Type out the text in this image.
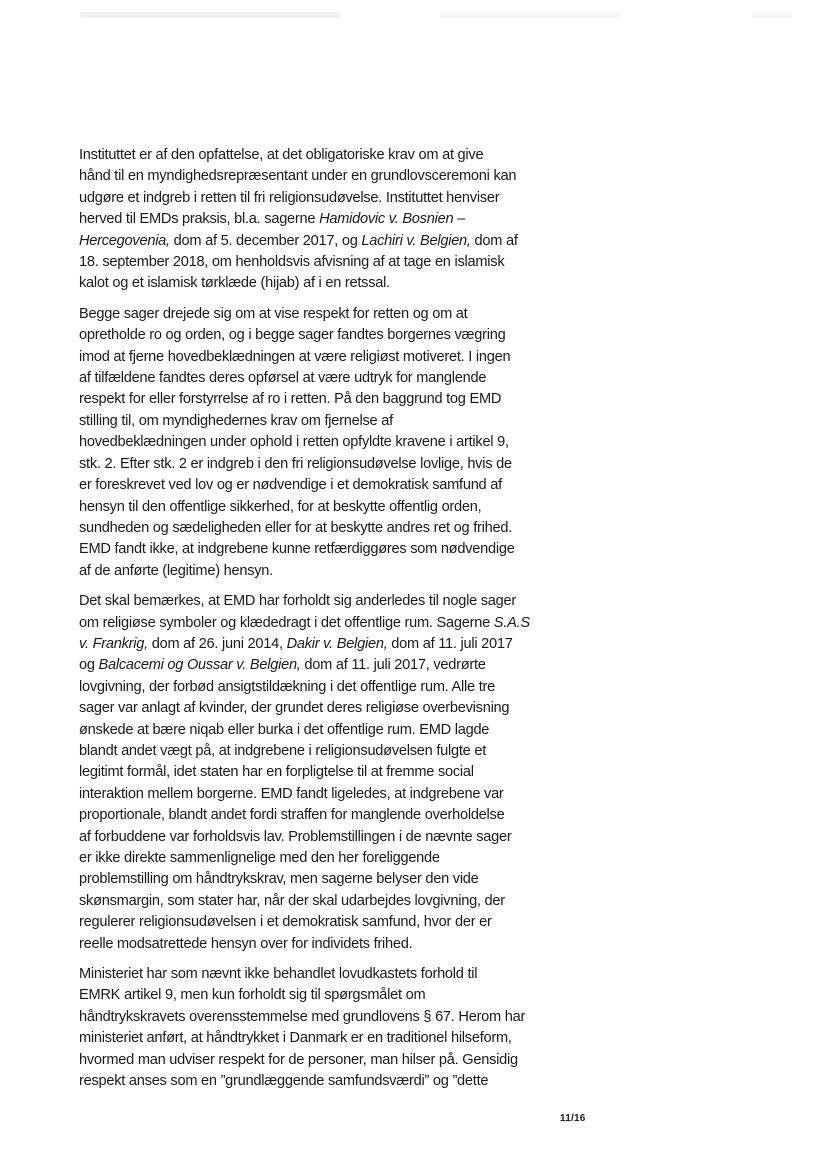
Instituttet er af den opfattelse, at det obligatoriske krav om at give
hånd til en myndighedsrepræsentant under en grundlovsceremoni kan
udgøre et indgreb i retten til fri religionsudøvelse. Instituttet henviser
herved til EMDs praksis, bl.a. sagerne Hamidovic v. Bosnien –
Hercegovenia, dom af 5. december 2017, og Lachiri v. Belgien, dom af
18. september 2018, om henholdsvis afvisning af at tage en islamisk
kalot og et islamisk tørklæde (hijab) af i en retssal.

Begge sager drejede sig om at vise respekt for retten og om at
opretholde ro og orden, og i begge sager fandtes borgernes vægring
imod at fjerne hovedbeklædningen at være religiøst motiveret. I ingen
af tilfældene fandtes deres opførsel at være udtryk for manglende
respekt for eller forstyrrelse af ro i retten. På den baggrund tog EMD
stilling til, om myndighedernes krav om fjernelse af
hovedbeklædningen under ophold i retten opfyldte kravene i artikel 9,
stk. 2. Efter stk. 2 er indgreb i den fri religionsudøvelse lovlige, hvis de
er foreskrevet ved lov og er nødvendige i et demokratisk samfund af
hensyn til den offentlige sikkerhed, for at beskytte offentlig orden,
sundheden og sædeligheden eller for at beskytte andres ret og frihed.
EMD fandt ikke, at indgrebene kunne retfærdiggøres som nødvendige
af de anførte (legitime) hensyn.

Det skal bemærkes, at EMD har forholdt sig anderledes til nogle sager
om religiøse symboler og klædedragt i det offentlige rum. Sagerne S.A.S
v. Frankrig, dom af 26. juni 2014, Dakir v. Belgien, dom af 11. juli 2017
og Balcacemi og Oussar v. Belgien, dom af 11. juli 2017, vedrørte
lovgivning, der forbød ansigtstildækning i det offentlige rum. Alle tre
sager var anlagt af kvinder, der grundet deres religiøse overbevisning
ønskede at bære niqab eller burka i det offentlige rum. EMD lagde
blandt andet vægt på, at indgrebene i religionsudøvelsen fulgte et
legitimt formål, idet staten har en forpligtelse til at fremme social
interaktion mellem borgerne. EMD fandt ligeledes, at indgrebene var
proportionale, blandt andet fordi straffen for manglende overholdelse
af forbuddene var forholdsvis lav. Problemstillingen i de nævnte sager
er ikke direkte sammenlignelige med den her foreliggende
problemstilling om håndtrykskrav, men sagerne belyser den vide
skønsmargin, som stater har, når der skal udarbejdes lovgivning, der
regulerer religionsudøvelsen i et demokratisk samfund, hvor der er
reelle modsatrettede hensyn over for individets frihed.

Ministeriet har som nævnt ikke behandlet lovudkastets forhold til
EMRK artikel 9, men kun forholdt sig til spørgsmålet om
håndtrykskravets overensstemmelse med grundlovens § 67. Herom har
ministeriet anført, at håndtrykket i Danmark er en traditionel hilseform,
hvormed man udviser respekt for de personer, man hilser på. Gensidig
respekt anses som en ”grundlæggende samfundsværdi” og ”dette

11/16
